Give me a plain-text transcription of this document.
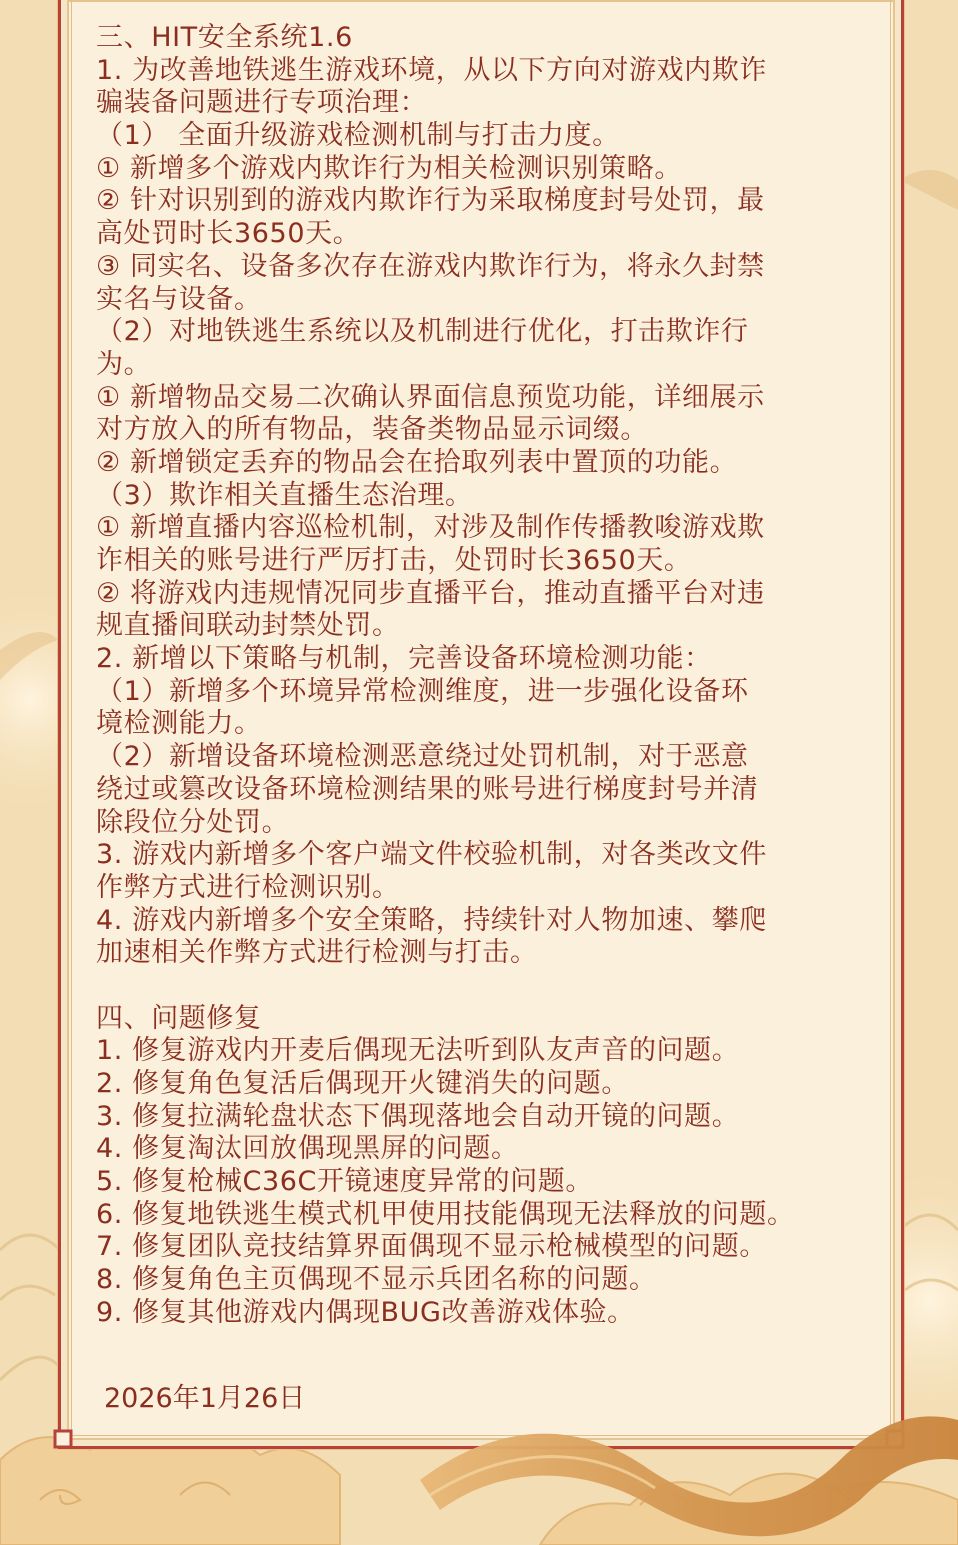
三、HIT安全系统1.6
1. 为改善地铁逃生游戏环境，从以下方向对游戏内欺诈
骗装备问题进行专项治理：
（1） 全面升级游戏检测机制与打击力度。
① 新增多个游戏内欺诈行为相关检测识别策略。
② 针对识别到的游戏内欺诈行为采取梯度封号处罚，最
高处罚时长3650天。
③ 同实名、设备多次存在游戏内欺诈行为，将永久封禁
实名与设备。
（2）对地铁逃生系统以及机制进行优化，打击欺诈行
为。
① 新增物品交易二次确认界面信息预览功能，详细展示
对方放入的所有物品，装备类物品显示词缀。
② 新增锁定丢弃的物品会在拾取列表中置顶的功能。
（3）欺诈相关直播生态治理。
① 新增直播内容巡检机制，对涉及制作传播教唆游戏欺
诈相关的账号进行严厉打击，处罚时长3650天。
② 将游戏内违规情况同步直播平台，推动直播平台对违
规直播间联动封禁处罚。
2. 新增以下策略与机制，完善设备环境检测功能：
（1）新增多个环境异常检测维度，进一步强化设备环
境检测能力。
（2）新增设备环境检测恶意绕过处罚机制，对于恶意
绕过或篡改设备环境检测结果的账号进行梯度封号并清
除段位分处罚。
3. 游戏内新增多个客户端文件校验机制，对各类改文件
作弊方式进行检测识别。
4. 游戏内新增多个安全策略，持续针对人物加速、攀爬
加速相关作弊方式进行检测与打击。
四、问题修复
1. 修复游戏内开麦后偶现无法听到队友声音的问题。
2. 修复角色复活后偶现开火键消失的问题。
3. 修复拉满轮盘状态下偶现落地会自动开镜的问题。
4. 修复淘汰回放偶现黑屏的问题。
5. 修复枪械C36C开镜速度异常的问题。
6. 修复地铁逃生模式机甲使用技能偶现无法释放的问题。
7. 修复团队竞技结算界面偶现不显示枪械模型的问题。
8. 修复角色主页偶现不显示兵团名称的问题。
9. 修复其他游戏内偶现BUG改善游戏体验。
2026年1月26日
